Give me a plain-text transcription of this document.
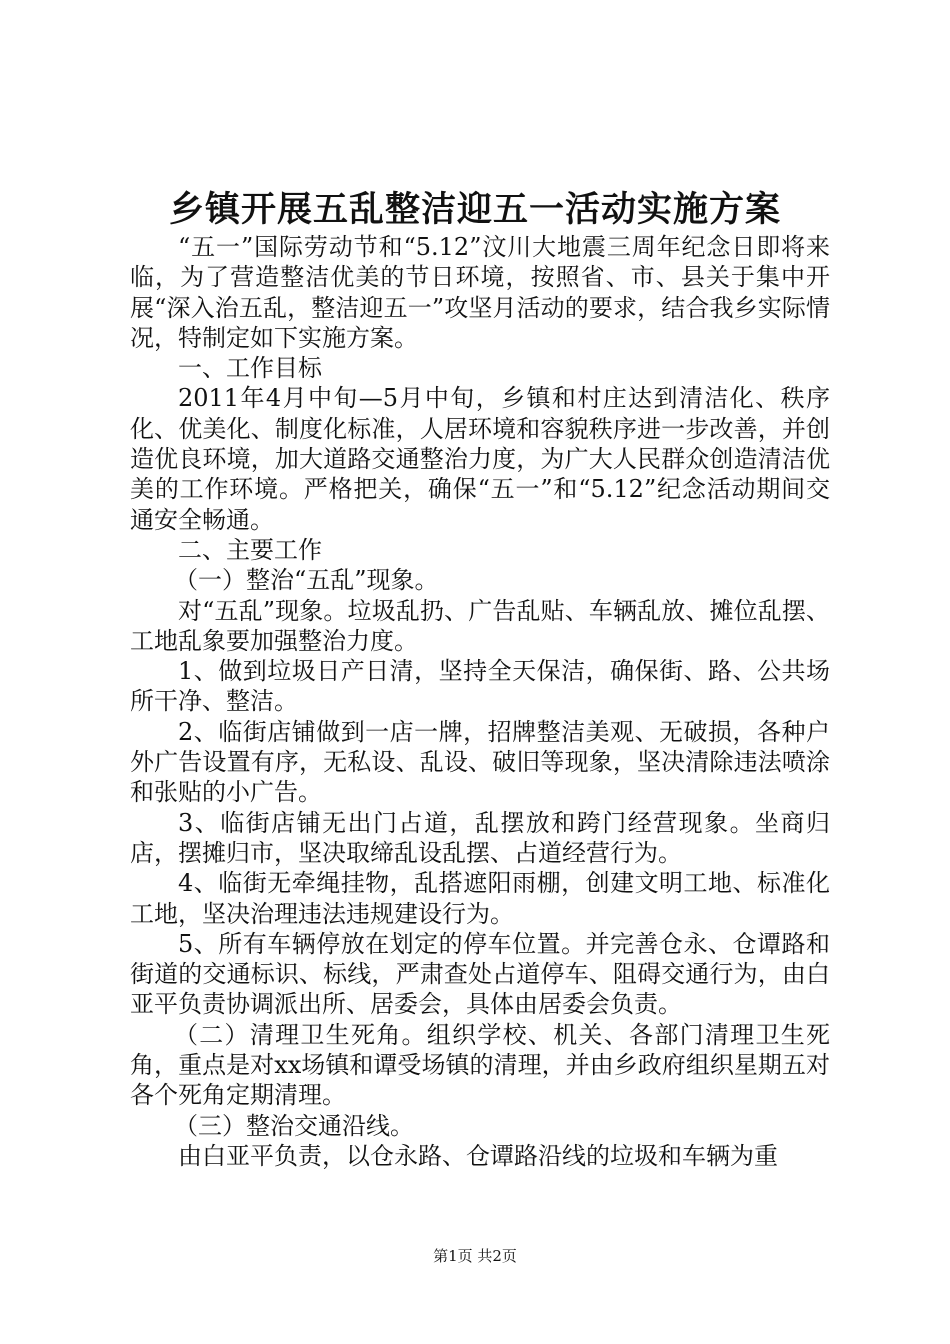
乡镇开展五乱整洁迎五一活动实施方案

“五一”国际劳动节和“5.12”汶川大地震三周年纪念日即将来临，为了营造整洁优美的节日环境，按照省、市、县关于集中开展“深入治五乱，整洁迎五一”攻坚月活动的要求，结合我乡实际情况，特制定如下实施方案。

一、工作目标

2011年4月中旬—5月中旬，乡镇和村庄达到清洁化、秩序化、优美化、制度化标准，人居环境和容貌秩序进一步改善，并创造优良环境，加大道路交通整治力度，为广大人民群众创造清洁优美的工作环境。严格把关，确保“五一”和“5.12”纪念活动期间交通安全畅通。

二、主要工作

（一）整治“五乱”现象。

对“五乱”现象。垃圾乱扔、广告乱贴、车辆乱放、摊位乱摆、工地乱象要加强整治力度。

1、做到垃圾日产日清，坚持全天保洁，确保街、路、公共场所干净、整洁。

2、临街店铺做到一店一牌，招牌整洁美观、无破损，各种户外广告设置有序，无私设、乱设、破旧等现象，坚决清除违法喷涂和张贴的小广告。

3、临街店铺无出门占道，乱摆放和跨门经营现象。坐商归店，摆摊归市，坚决取缔乱设乱摆、占道经营行为。

4、临街无牵绳挂物，乱搭遮阳雨棚，创建文明工地、标准化工地，坚决治理违法违规建设行为。

5、所有车辆停放在划定的停车位置。并完善仓永、仓谭路和街道的交通标识、标线，严肃查处占道停车、阻碍交通行为，由白亚平负责协调派出所、居委会，具体由居委会负责。

（二）清理卫生死角。组织学校、机关、各部门清理卫生死角，重点是对xx场镇和谭受场镇的清理，并由乡政府组织星期五对各个死角定期清理。

（三）整治交通沿线。

由白亚平负责，以仓永路、仓谭路沿线的垃圾和车辆为重

第1页 共2页
